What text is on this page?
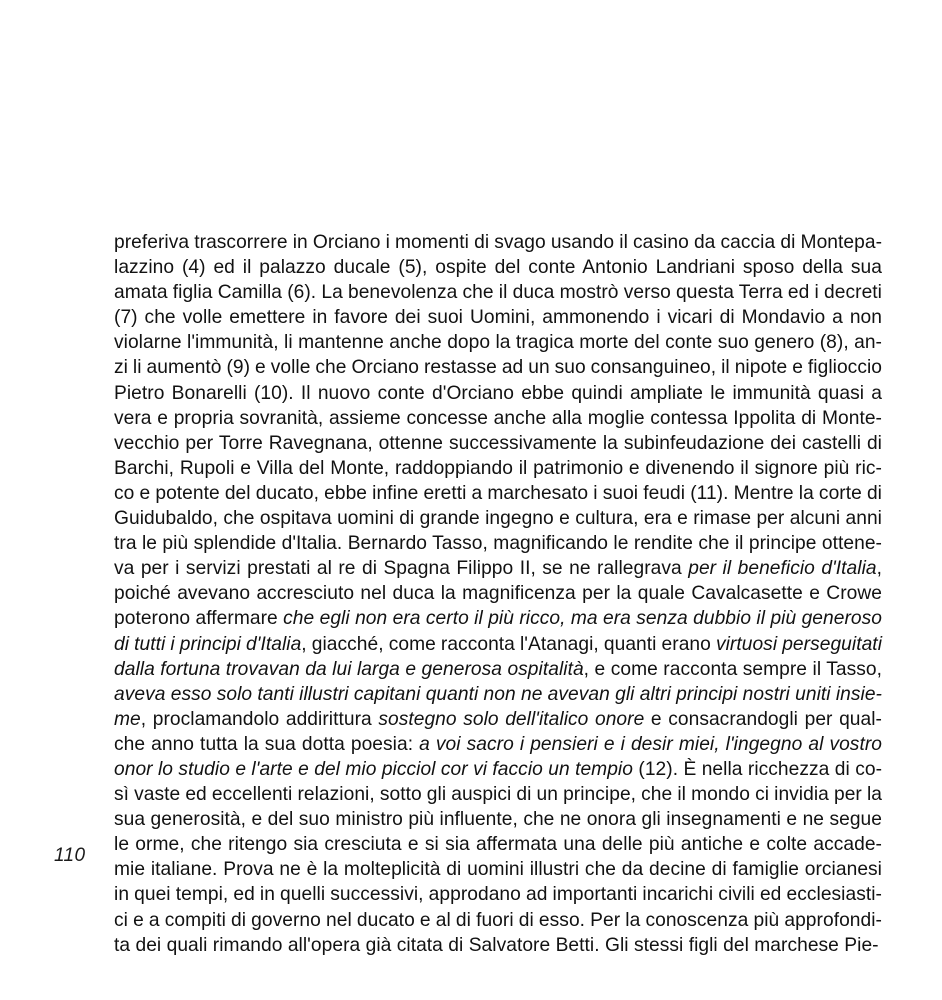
110
preferiva trascorrere in Orciano i momenti di svago usando il casino da caccia di Montepa-
lazzino (4) ed il palazzo ducale (5), ospite del conte Antonio Landriani sposo della sua
amata figlia Camilla (6). La benevolenza che il duca mostrò verso questa Terra ed i decreti
(7) che volle emettere in favore dei suoi Uomini, ammonendo i vicari di Mondavio a non
violarne l'immunità, li mantenne anche dopo la tragica morte del conte suo genero (8), an-
zi li aumentò (9) e volle che Orciano restasse ad un suo consanguineo, il nipote e figlioccio
Pietro Bonarelli (10). Il nuovo conte d'Orciano ebbe quindi ampliate le immunità quasi a
vera e propria sovranità, assieme concesse anche alla moglie contessa Ippolita di Monte-
vecchio per Torre Ravegnana, ottenne successivamente la subinfeudazione dei castelli di
Barchi, Rupoli e Villa del Monte, raddoppiando il patrimonio e divenendo il signore più ric-
co e potente del ducato, ebbe infine eretti a marchesato i suoi feudi (11). Mentre la corte di
Guidubaldo, che ospitava uomini di grande ingegno e cultura, era e rimase per alcuni anni
tra le più splendide d'Italia. Bernardo Tasso, magnificando le rendite che il principe ottene-
va per i servizi prestati al re di Spagna Filippo II, se ne rallegrava per il beneficio d'Italia,
poiché avevano accresciuto nel duca la magnificenza per la quale Cavalcasette e Crowe
poterono affermare che egli non era certo il più ricco, ma era senza dubbio il più generoso
di tutti i principi d'Italia, giacché, come racconta l'Atanagi, quanti erano virtuosi perseguitati
dalla fortuna trovavan da lui larga e generosa ospitalità, e come racconta sempre il Tasso,
aveva esso solo tanti illustri capitani quanti non ne avevan gli altri principi nostri uniti insie-
me, proclamandolo addirittura sostegno solo dell'italico onore e consacrandogli per qual-
che anno tutta la sua dotta poesia: a voi sacro i pensieri e i desir miei, l'ingegno al vostro
onor lo studio e l'arte e del mio picciol cor vi faccio un tempio (12). È nella ricchezza di co-
sì vaste ed eccellenti relazioni, sotto gli auspici di un principe, che il mondo ci invidia per la
sua generosità, e del suo ministro più influente, che ne onora gli insegnamenti e ne segue
le orme, che ritengo sia cresciuta e si sia affermata una delle più antiche e colte accade-
mie italiane. Prova ne è la molteplicità di uomini illustri che da decine di famiglie orcianesi
in quei tempi, ed in quelli successivi, approdano ad importanti incarichi civili ed ecclesiasti-
ci e a compiti di governo nel ducato e al di fuori di esso. Per la conoscenza più approfondi-
ta dei quali rimando all'opera già citata di Salvatore Betti. Gli stessi figli del marchese Pie-
